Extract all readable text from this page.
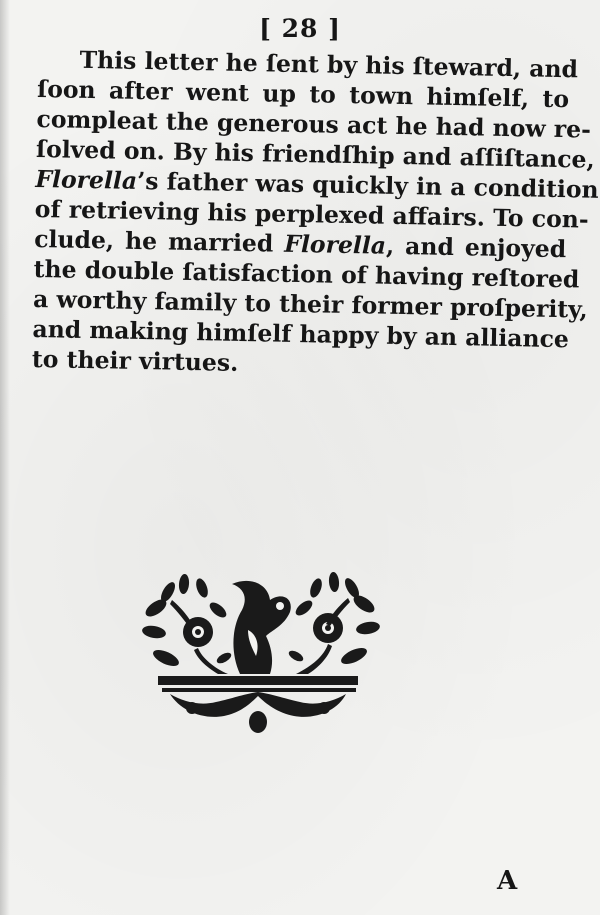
[ 28 ]
This letter he ſent by his ſteward, and
ſoon after went up to town himſelf, to
compleat the generous act he had now re-
ſolved on. By his friendſhip and aſſiſtance,
Florella’s father was quickly in a condition
of retrieving his perplexed affairs. To con-
clude, he married Florella, and enjoyed
the double ſatisfaction of having reſtored
a worthy family to their former proſperity,
and making himſelf happy by an alliance
to their virtues.
A
